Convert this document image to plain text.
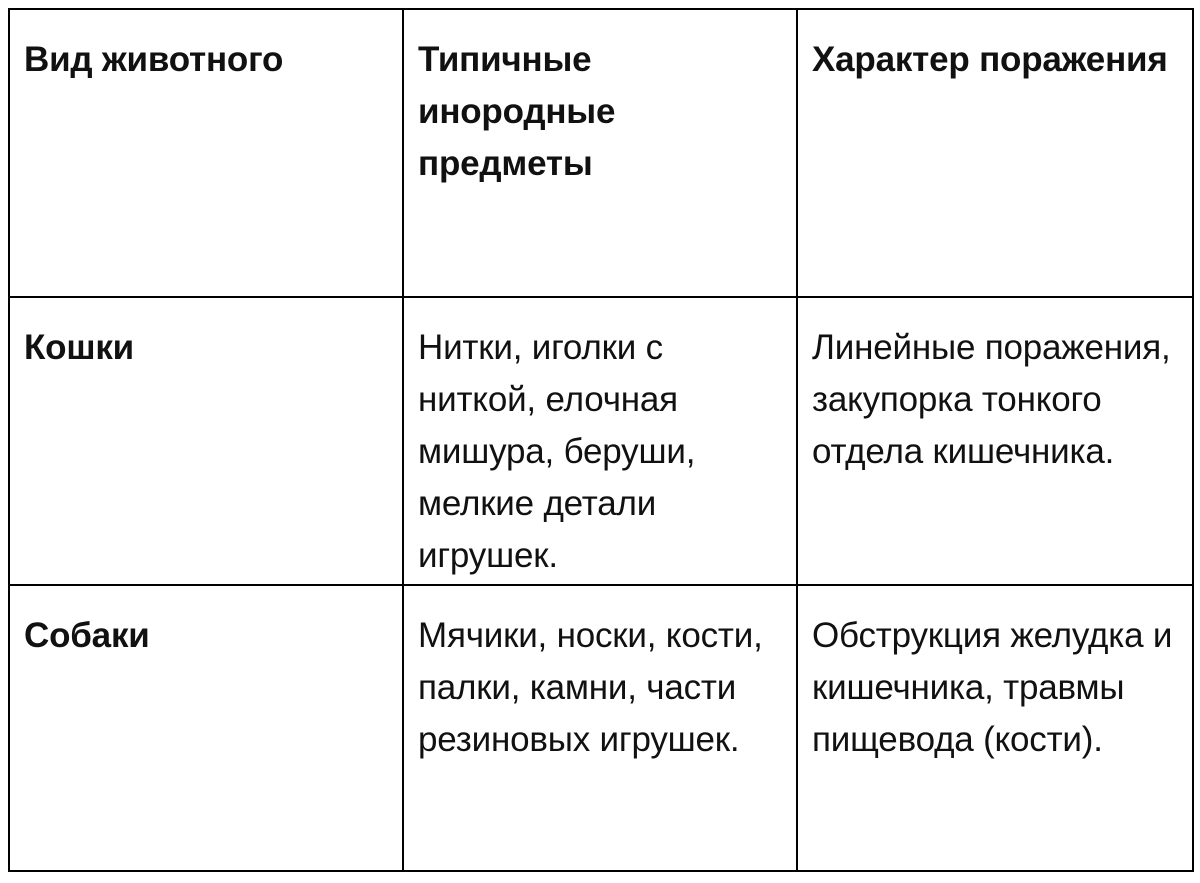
Вид животного	Типичные инородные предметы	Характер поражения
Кошки	Нитки, иголки с ниткой, елочная мишура, беруши, мелкие детали игрушек.	Линейные поражения, закупорка тонкого отдела кишечника.
Собаки	Мячики, носки, кости, палки, камни, части резиновых игрушек.	Обструкция желудка и кишечника, травмы пищевода (кости).
